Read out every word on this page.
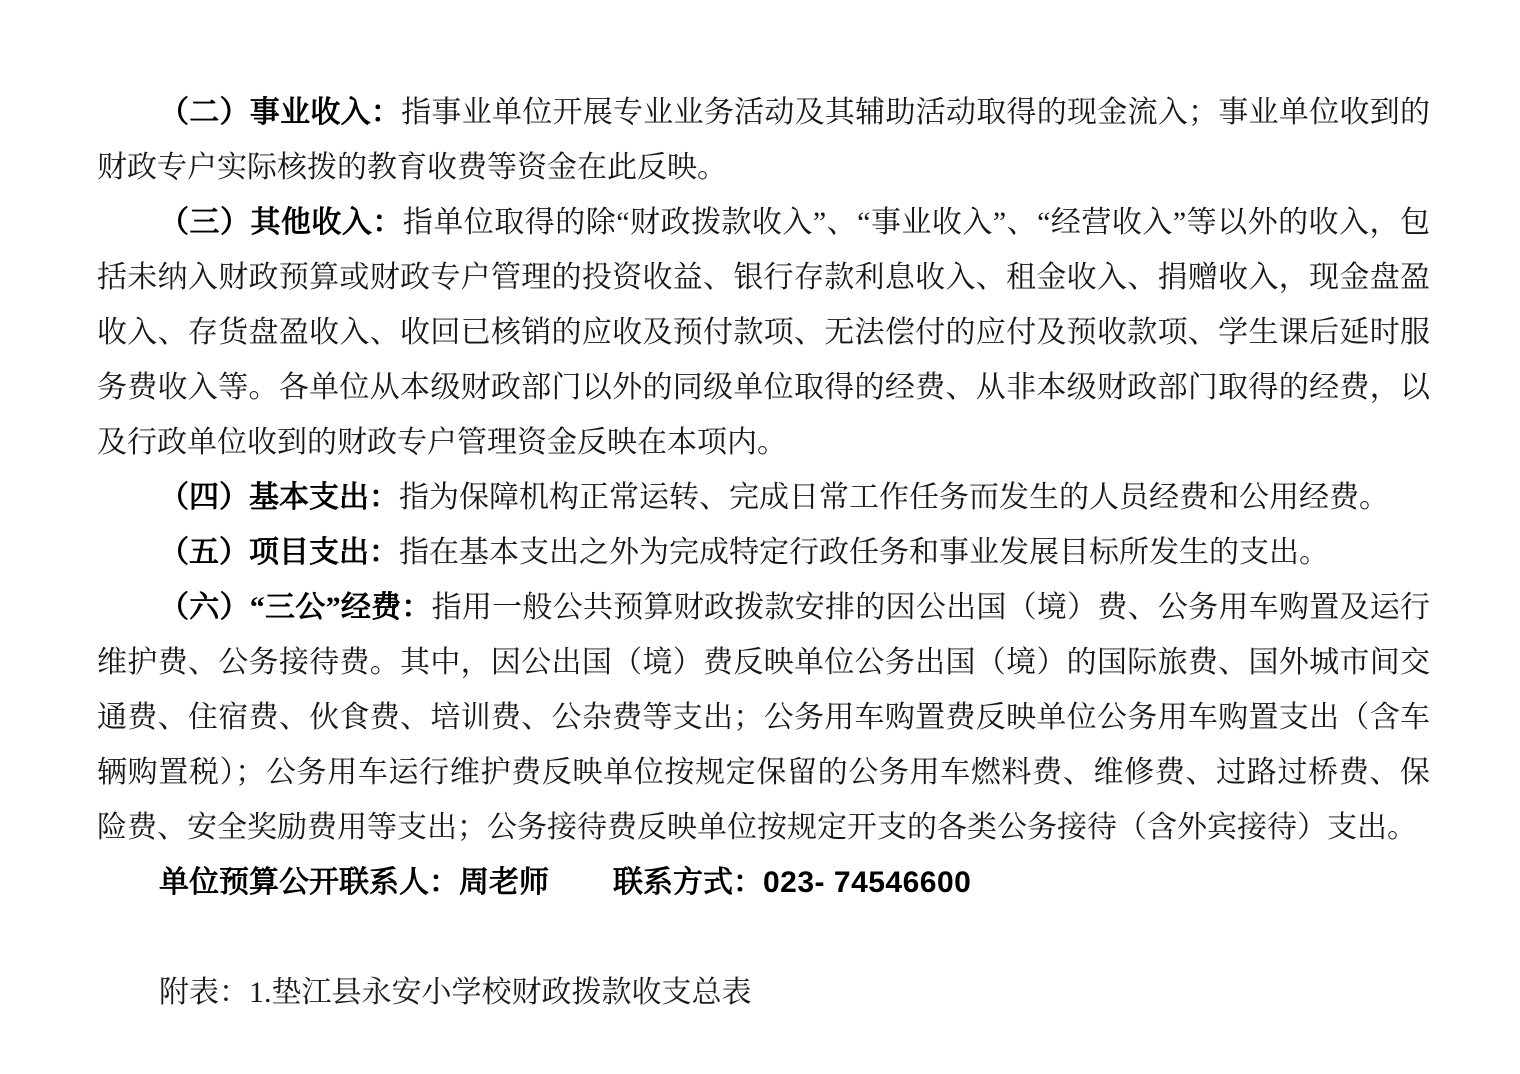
（二）事业收入：指事业单位开展专业业务活动及其辅助活动取得的现金流入；事业单位收到的财政专户实际核拨的教育收费等资金在此反映。

（三）其他收入：指单位取得的除“财政拨款收入”、“事业收入”、“经营收入”等以外的收入，包括未纳入财政预算或财政专户管理的投资收益、银行存款利息收入、租金收入、捐赠收入，现金盘盈收入、存货盘盈收入、收回已核销的应收及预付款项、无法偿付的应付及预收款项、学生课后延时服务费收入等。各单位从本级财政部门以外的同级单位取得的经费、从非本级财政部门取得的经费，以及行政单位收到的财政专户管理资金反映在本项内。

（四）基本支出：指为保障机构正常运转、完成日常工作任务而发生的人员经费和公用经费。

（五）项目支出：指在基本支出之外为完成特定行政任务和事业发展目标所发生的支出。

（六）“三公”经费：指用一般公共预算财政拨款安排的因公出国（境）费、公务用车购置及运行维护费、公务接待费。其中，因公出国（境）费反映单位公务出国（境）的国际旅费、国外城市间交通费、住宿费、伙食费、培训费、公杂费等支出；公务用车购置费反映单位公务用车购置支出（含车辆购置税）；公务用车运行维护费反映单位按规定保留的公务用车燃料费、维修费、过路过桥费、保险费、安全奖励费用等支出；公务接待费反映单位按规定开支的各类公务接待（含外宾接待）支出。

单位预算公开联系人：周老师 联系方式：023- 74546600

附表：1.垫江县永安小学校财政拨款收支总表
